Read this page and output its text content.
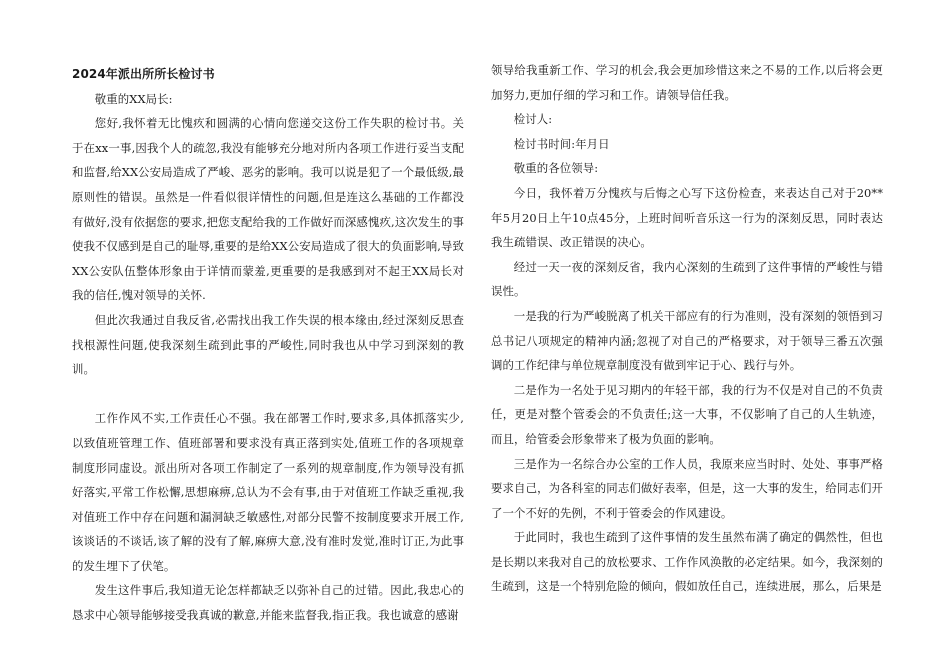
2024年派出所所长检讨书

敬重的XX局长:

您好,我怀着无比愧疚和圆满的心情向您递交这份工作失职的检讨书。关于在xx一事,因我个人的疏忽,我没有能够充分地对所内各项工作进行妥当支配和监督,给XX公安局造成了严峻、恶劣的影响。我可以说是犯了一个最低级,最原则性的错误。虽然是一件看似很详情性的问题,但是连这么基础的工作都没有做好,没有依据您的要求,把您支配给我的工作做好而深感愧疚,这次发生的事使我不仅感到是自己的耻辱,重要的是给XX公安局造成了很大的负面影响,导致XX公安队伍整体形象由于详情而蒙羞,更重要的是我感到对不起王XX局长对我的信任,愧对领导的关怀.

但此次我通过自我反省,必需找出我工作失误的根本缘由,经过深刻反思查找根源性问题,使我深刻生疏到此事的严峻性,同时我也从中学习到深刻的教训。

工作作风不实,工作责任心不强。我在部署工作时,要求多,具体抓落实少,以致值班管理工作、值班部署和要求没有真正落到实处,值班工作的各项规章制度形同虚设。派出所对各项工作制定了一系列的规章制度,作为领导没有抓好落实,平常工作松懈,思想麻痹,总认为不会有事,由于对值班工作缺乏重视,我对值班工作中存在问题和漏洞缺乏敏感性,对部分民警不按制度要求开展工作,该谈话的不谈话,该了解的没有了解,麻痹大意,没有准时发觉,准时订正,为此事的发生埋下了伏笔。

发生这件事后,我知道无论怎样都缺乏以弥补自己的过错。因此,我忠心的恳求中心领导能够接受我真诚的歉意,并能来监督我,指正我。我也诚意的感谢

领导给我重新工作、学习的机会,我会更加珍惜这来之不易的工作,以后将会更加努力,更加仔细的学习和工作。请领导信任我。

检讨人:

检讨书时间:年月日

敬重的各位领导:

今日，我怀着万分愧疚与后悔之心写下这份检查，来表达自己对于20**年5月20日上午10点45分，上班时间听音乐这一行为的深刻反思，同时表达我生疏错误、改正错误的决心。

经过一天一夜的深刻反省，我内心深刻的生疏到了这件事情的严峻性与错误性。

一是我的行为严峻脱离了机关干部应有的行为准则，没有深刻的领悟到习总书记八项规定的精神内涵;忽视了对自己的严格要求，对于领导三番五次强调的工作纪律与单位规章制度没有做到牢记于心、践行与外。

二是作为一名处于见习期内的年轻干部，我的行为不仅是对自己的不负责任，更是对整个管委会的不负责任;这一大事，不仅影响了自己的人生轨迹，而且，给管委会形象带来了极为负面的影响。

三是作为一名综合办公室的工作人员，我原来应当时时、处处、事事严格要求自己，为各科室的同志们做好表率，但是，这一大事的发生，给同志们开了一个不好的先例，不利于管委会的作风建设。

于此同时，我也生疏到了这件事情的发生虽然布满了确定的偶然性，但也是长期以来我对自己的放松要求、工作作风涣散的必定结果。如今，我深刻的生疏到，这是一个特别危险的倾向，假如放任自己，连续进展，那么，后果是
